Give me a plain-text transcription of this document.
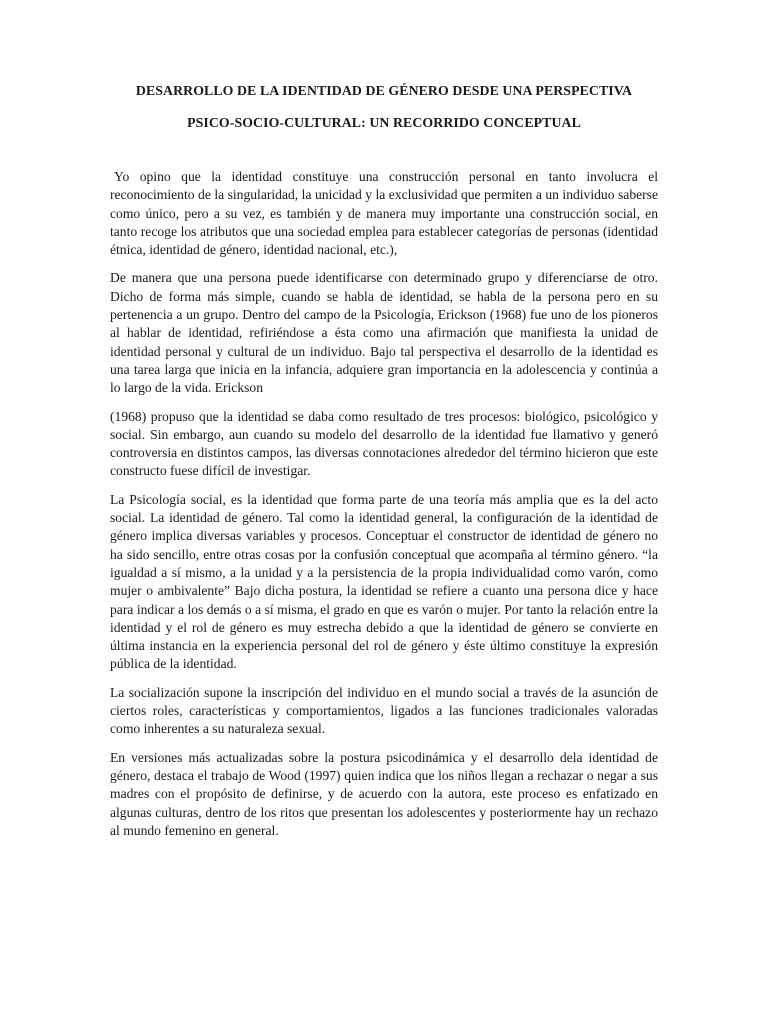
DESARROLLO DE LA IDENTIDAD DE GÉNERO DESDE UNA PERSPECTIVA

PSICO-SOCIO-CULTURAL: UN RECORRIDO CONCEPTUAL

Yo opino que la identidad constituye una construcción personal en tanto involucra el reconocimiento de la singularidad, la unicidad y la exclusividad que permiten a un individuo saberse como único, pero a su vez, es también y de manera muy importante una construcción social, en tanto recoge los atributos que una sociedad emplea para establecer categorías de personas (identidad étnica, identidad de género, identidad nacional, etc.),

De manera que una persona puede identificarse con determinado grupo y diferenciarse de otro. Dicho de forma más simple, cuando se habla de identidad, se habla de la persona pero en su pertenencia a un grupo. Dentro del campo de la Psicología, Erickson (1968) fue uno de los pioneros al hablar de identidad, refiriéndose a ésta como una afirmación que manifiesta la unidad de identidad personal y cultural de un individuo. Bajo tal perspectiva el desarrollo de la identidad es una tarea larga que inicia en la infancia, adquiere gran importancia en la adolescencia y continúa a lo largo de la vida. Erickson

(1968) propuso que la identidad se daba como resultado de tres procesos: biológico, psicológico y social. Sin embargo, aun cuando su modelo del desarrollo de la identidad fue llamativo y generó controversia en distintos campos, las diversas connotaciones alrededor del término hicieron que este constructo fuese difícil de investigar.

La Psicología social, es la identidad que forma parte de una teoría más amplia que es la del acto social. La identidad de género. Tal como la identidad general, la configuración de la identidad de género implica diversas variables y procesos. Conceptuar el constructor de identidad de género no ha sido sencillo, entre otras cosas por la confusión conceptual que acompaña al término género. “la igualdad a sí mismo, a la unidad y a la persistencia de la propia individualidad como varón, como mujer o ambivalente” Bajo dicha postura, la identidad se refiere a cuanto una persona dice y hace para indicar a los demás o a sí misma, el grado en que es varón o mujer. Por tanto la relación entre la identidad y el rol de género es muy estrecha debido a que la identidad de género se convierte en última instancia en la experiencia personal del rol de género y éste último constituye la expresión pública de la identidad.

La socialización supone la inscripción del individuo en el mundo social a través de la asunción de ciertos roles, características y comportamientos, ligados a las funciones tradicionales valoradas como inherentes a su naturaleza sexual.

En versiones más actualizadas sobre la postura psicodinámica y el desarrollo dela identidad de género, destaca el trabajo de Wood (1997) quien indica que los niños llegan a rechazar o negar a sus madres con el propósito de definirse, y de acuerdo con la autora, este proceso es enfatizado en algunas culturas, dentro de los ritos que presentan los adolescentes y posteriormente hay un rechazo al mundo femenino en general.
